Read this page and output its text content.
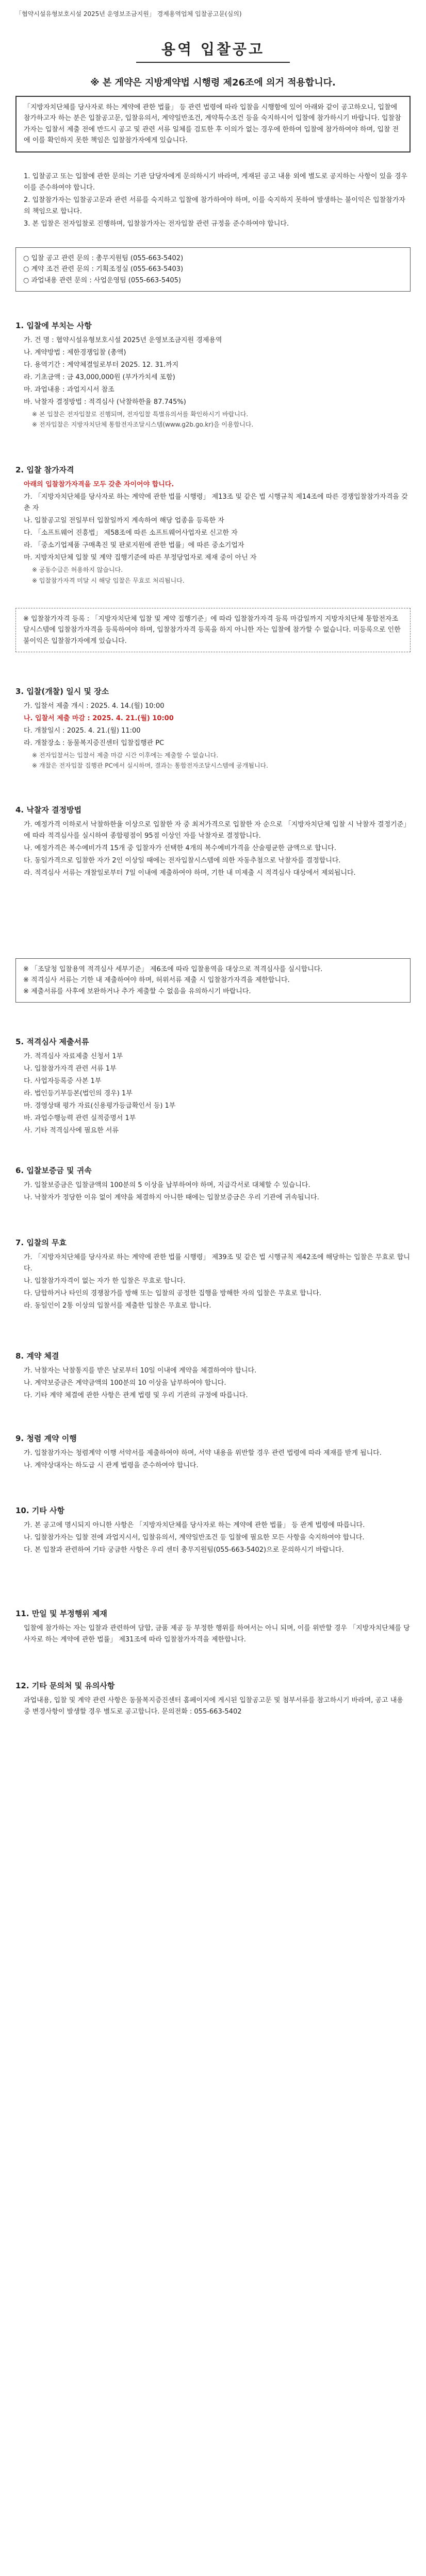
「협약시설유형보호시설 2025년 운영보조금지원」 경제용역업체 입찰공고문(심의)
용역 입찰공고
※ 본 게약은 지방계약법 시행령 제26조에 의거 적용합니다.
「지방자치단체를 당사자로 하는 계약에 관한 법률」 등 관련 법령에 따라 입찰을 시행함에 있어 아래와 같이 공고하오니, 입찰에 참가하고자 하는 분은 입찰공고문, 입찰유의서, 계약일반조건, 계약특수조건 등을 숙지하시어 입찰에 참가하시기 바랍니다. 입찰참가자는 입찰서 제출 전에 반드시 공고 및 관련 서류 일체를 검토한 후 이의가 없는 경우에 한하여 입찰에 참가하여야 하며, 입찰 전에 이를 확인하지 못한 책임은 입찰참가자에게 있습니다.
1. 입찰공고 또는 입찰에 관한 문의는 기관 담당자에게 문의하시기 바라며, 게재된 공고 내용 외에 별도로 공지하는 사항이 있을 경우 이를 준수하여야 합니다.
2. 입찰참가자는 입찰공고문과 관련 서류를 숙지하고 입찰에 참가하여야 하며, 이를 숙지하지 못하여 발생하는 불이익은 입찰참가자의 책임으로 합니다.
3. 본 입찰은 전자입찰로 진행하며, 입찰참가자는 전자입찰 관련 규정을 준수하여야 합니다.
○ 입찰 공고 관련 문의 : 총무지원팀 (055-663-5402)
○ 계약 조건 관련 문의 : 기획조정실 (055-663-5403)
○ 과업내용 관련 문의 : 사업운영팀 (055-663-5405)
1. 입찰에 부치는 사항
가. 건 명 : 협약시설유형보호시설 2025년 운영보조금지원 경제용역
나. 계약방법 : 제한경쟁입찰 (총액)
다. 용역기간 : 계약체결일로부터 2025. 12. 31.까지
라. 기초금액 : 금 43,000,000원 (부가가치세 포함)
마. 과업내용 : 과업지시서 참조
바. 낙찰자 결정방법 : 적격심사 (낙찰하한율 87.745%)
※ 본 입찰은 전자입찰로 진행되며, 전자입찰 특별유의서를 확인하시기 바랍니다.
※ 전자입찰은 지방자치단체 통합전자조달시스템(www.g2b.go.kr)을 이용합니다.
2. 입찰 참가자격
아래의 입찰참가자격을 모두 갖춘 자이어야 합니다.
가. 「지방자치단체를 당사자로 하는 계약에 관한 법률 시행령」 제13조 및 같은 법 시행규칙 제14조에 따른 경쟁입찰참가자격을 갖춘 자
나. 입찰공고일 전일부터 입찰일까지 계속하여 해당 업종을 등록한 자
다. 「소프트웨어 진흥법」 제58조에 따른 소프트웨어사업자로 신고한 자
라. 「중소기업제품 구매촉진 및 판로지원에 관한 법률」에 따른 중소기업자
마. 지방자치단체 입찰 및 계약 집행기준에 따른 부정당업자로 제재 중이 아닌 자
※ 공동수급은 허용하지 않습니다.
※ 입찰참가자격 미달 시 해당 입찰은 무효로 처리됩니다.
※ 입찰참가자격 등록 : 「지방자치단체 입찰 및 계약 집행기준」에 따라 입찰참가자격 등록 마감일까지 지방자치단체 통합전자조달시스템에 입찰참가자격을 등록하여야 하며, 입찰참가자격 등록을 하지 아니한 자는 입찰에 참가할 수 없습니다. 미등록으로 인한 불이익은 입찰참가자에게 있습니다.
3. 입찰(개찰) 일시 및 장소
가. 입찰서 제출 개시 : 2025. 4. 14.(월) 10:00
나. 입찰서 제출 마감 : 2025. 4. 21.(월) 10:00
다. 개찰일시 : 2025. 4. 21.(월) 11:00
라. 개찰장소 : 동물복지증진센터 입찰집행관 PC
※ 전자입찰서는 입찰서 제출 마감 시간 이후에는 제출할 수 없습니다.
※ 개찰은 전자입찰 집행관 PC에서 실시하며, 결과는 통합전자조달시스템에 공개됩니다.
4. 낙찰자 결정방법
가. 예정가격 이하로서 낙찰하한율 이상으로 입찰한 자 중 최저가격으로 입찰한 자 순으로 「지방자치단체 입찰 시 낙찰자 결정기준」에 따라 적격심사를 실시하여 종합평점이 95점 이상인 자를 낙찰자로 결정합니다.
나. 예정가격은 복수예비가격 15개 중 입찰자가 선택한 4개의 복수예비가격을 산술평균한 금액으로 합니다.
다. 동일가격으로 입찰한 자가 2인 이상일 때에는 전자입찰시스템에 의한 자동추첨으로 낙찰자를 결정합니다.
라. 적격심사 서류는 개찰일로부터 7일 이내에 제출하여야 하며, 기한 내 미제출 시 적격심사 대상에서 제외됩니다.
※ 「조달청 입찰용역 적격심사 세부기준」 제6조에 따라 입찰용역을 대상으로 적격심사를 실시합니다.
※ 적격심사 서류는 기한 내 제출하여야 하며, 허위서류 제출 시 입찰참가자격을 제한합니다.
※ 제출서류를 사후에 보완하거나 추가 제출할 수 없음을 유의하시기 바랍니다.
5. 적격심사 제출서류
가. 적격심사 자료제출 신청서 1부
나. 입찰참가자격 관련 서류 1부
다. 사업자등록증 사본 1부
라. 법인등기부등본(법인의 경우) 1부
마. 경영상태 평가 자료(신용평가등급확인서 등) 1부
바. 과업수행능력 관련 실적증명서 1부
사. 기타 적격심사에 필요한 서류
6. 입찰보증금 및 귀속
가. 입찰보증금은 입찰금액의 100분의 5 이상을 납부하여야 하며, 지급각서로 대체할 수 있습니다.
나. 낙찰자가 정당한 이유 없이 계약을 체결하지 아니한 때에는 입찰보증금은 우리 기관에 귀속됩니다.
7. 입찰의 무효
가. 「지방자치단체를 당사자로 하는 계약에 관한 법률 시행령」 제39조 및 같은 법 시행규칙 제42조에 해당하는 입찰은 무효로 합니다.
나. 입찰참가자격이 없는 자가 한 입찰은 무효로 합니다.
다. 담합하거나 타인의 경쟁참가를 방해 또는 입찰의 공정한 집행을 방해한 자의 입찰은 무효로 합니다.
라. 동일인이 2통 이상의 입찰서를 제출한 입찰은 무효로 합니다.
8. 계약 체결
가. 낙찰자는 낙찰통지를 받은 날로부터 10일 이내에 계약을 체결하여야 합니다.
나. 계약보증금은 계약금액의 100분의 10 이상을 납부하여야 합니다.
다. 기타 계약 체결에 관한 사항은 관계 법령 및 우리 기관의 규정에 따릅니다.
9. 청렴 계약 이행
가. 입찰참가자는 청렴계약 이행 서약서를 제출하여야 하며, 서약 내용을 위반할 경우 관련 법령에 따라 제재를 받게 됩니다.
나. 계약상대자는 하도급 시 관계 법령을 준수하여야 합니다.
10. 기타 사항
가. 본 공고에 명시되지 아니한 사항은 「지방자치단체를 당사자로 하는 계약에 관한 법률」 등 관계 법령에 따릅니다.
나. 입찰참가자는 입찰 전에 과업지시서, 입찰유의서, 계약일반조건 등 입찰에 필요한 모든 사항을 숙지하여야 합니다.
다. 본 입찰과 관련하여 기타 궁금한 사항은 우리 센터 총무지원팀(055-663-5402)으로 문의하시기 바랍니다.
11. 만일 및 부정행위 제재
입찰에 참가하는 자는 입찰과 관련하여 담합, 금품 제공 등 부정한 행위를 하여서는 아니 되며, 이를 위반할 경우 「지방자치단체를 당사자로 하는 계약에 관한 법률」 제31조에 따라 입찰참가자격을 제한합니다.
12. 기타 문의처 및 유의사항
과업내용, 입찰 및 계약 관련 사항은 동물복지증진센터 홈페이지에 게시된 입찰공고문 및 첨부서류를 참고하시기 바라며, 공고 내용 중 변경사항이 발생할 경우 별도로 공고합니다. 문의전화 : 055-663-5402
